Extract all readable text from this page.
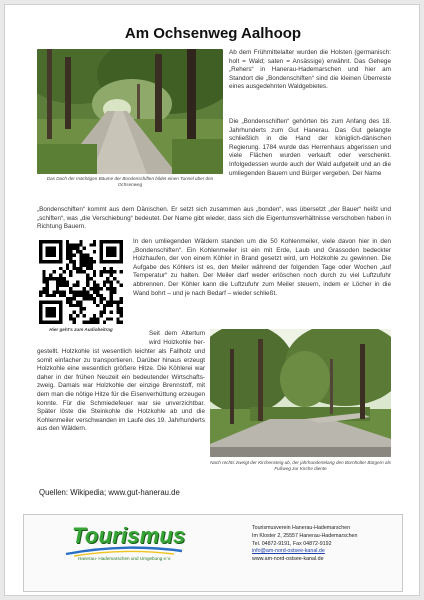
Am Ochsenweg Aalhoop
Das Dach der mächtigen Bäume der Bondenschiften bildet einen Tunnel über den Ochsenweg
Ab dem Frühmittelalter wurden die Holsten (germanisch: holt = Wald; saten = Ansässige) erwähnt. Das Gehege „Rehers“ in Hanerau-Hademarschen und hier am Standort die „Bondenschiften“ sind die kleinen Überreste eines ausgedehnten Waldgebietes.
Die „Bondenschiften“ gehörten bis zum Anfang des 18. Jahrhunderts zum Gut Hanerau. Das Gut gelangte schließlich in die Hand der königlich-dänischen Regierung. 1784 wurde das Herrenhaus abgerissen und viele Flächen wurden verkauft oder verschenkt. Infolgedessen wurde auch der Wald aufgeteilt und an die umliegenden Bauern und Bürger vergeben. Der Name
„Bondenschiften“ kommt aus dem Dänischen. Er setzt sich zusammen aus „bonden“, was übersetzt „der Bauer“ heißt und „schiften“, was „die Verschiebung“ bedeutet. Der Name gibt wieder, dass sich die Eigentumsverhältnisse verschoben haben in Richtung Bauern.
Hier geht's zum Audiobeitrag
In den umliegenden Wäldern standen um die 50 Kohlenmeiler, viele davon hier in den „Bondenschiften“. Ein Kohlenmeiler ist ein mit Erde, Laub und Grassoden bedeckter Holzhaufen, der von einem Köhler in Brand gesetzt wird, um Holzkohle zu gewinnen. Die Aufgabe des Köhlers ist es, den Meiler während der folgenden Tage oder Wochen „auf Temperatur“ zu halten. Der Meiler darf weder erlöschen noch durch zu viel Luftzufuhr abbrennen. Der Köhler kann die Luftzufuhr zum Meiler steuern, indem er Löcher in die Wand bohrt – und je nach Bedarf – wieder schließt.
Seit dem Altertum
wird Holzkohle her-
gestellt. Holzkohle ist wesentlich leichter als Fallholz und somit einfacher zu transportieren. Darüber hinaus erzeugt Holzkohle eine wesentlich größere Hitze. Die Köhlerei war daher in der frühen Neuzeit ein bedeutender Wirtschafts-zweig. Damals war Holzkohle der einzige Brennstoff, mit dem man die nötige Hitze für die Eisenverhüttung erzeugen konnte. Für die Schmiedefeuer war sie unverzichtbar. Später löste die Steinkohle die Holzkohle ab und die Kohlenmeiler verschwanden im Laufe des 19. Jahrhunderts aus den Wäldern.
Nach rechts zweigt der Kirchensteig ab, der jahrhundertelang den Bornholter Bürgern als Fußweg zur Kirche diente
Quellen: Wikipedia; www.gut-hanerau.de
Tourismus
Hanerau- Hademarschen und Umgebung e.V.
Tourismusverein Hanerau-Hademarschen
Im Kloster 2, 25557 Hanerau-Hademarschen
Tel. 04872-9191, Fax 04872-9192
info@am-nord-ostsee-kanal.de
www.am-nord-ostsee-kanal.de
